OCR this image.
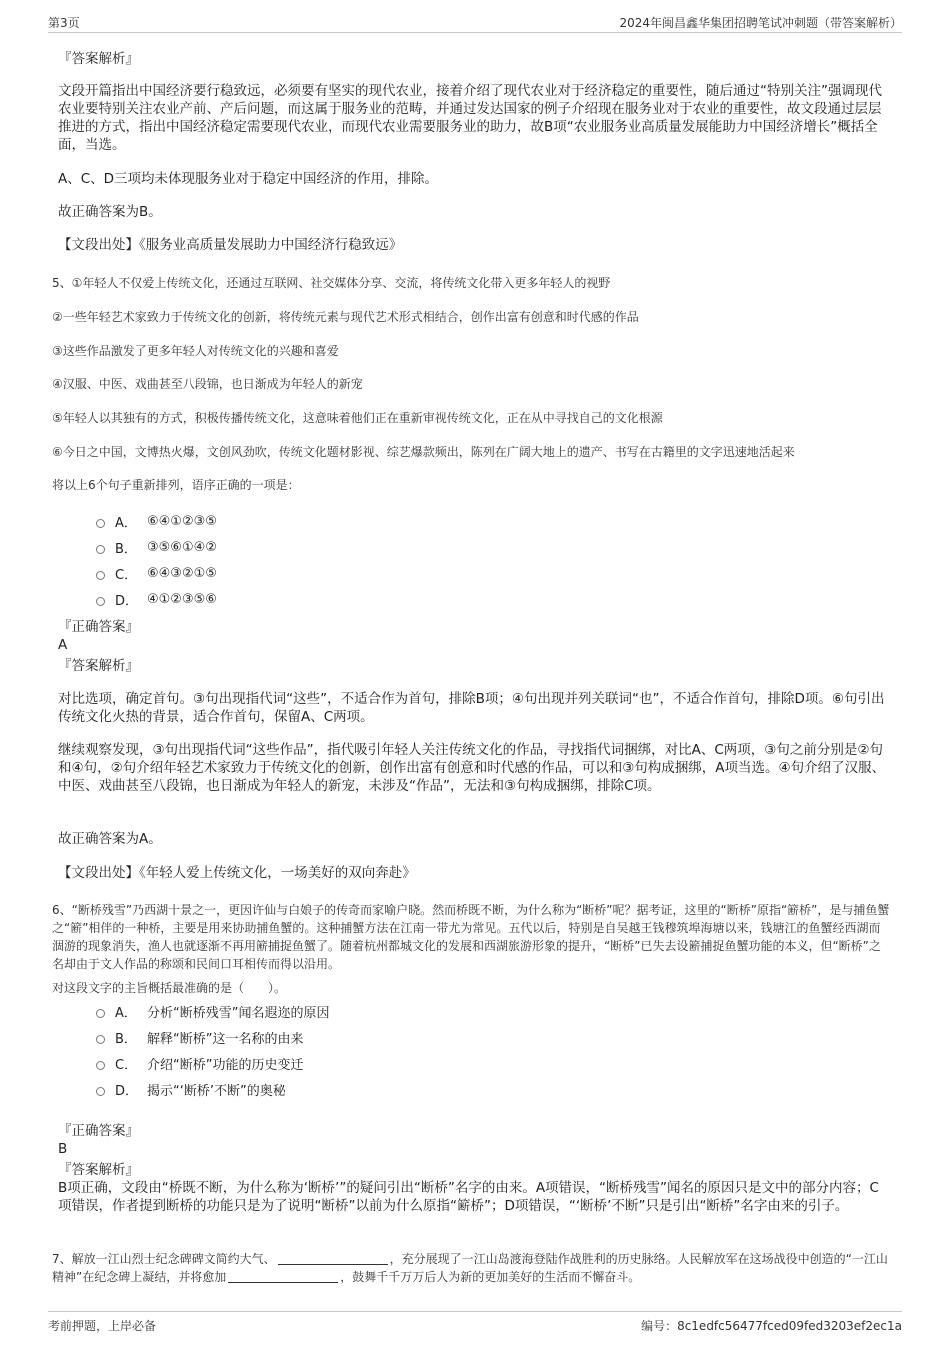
第3页	2024年闽昌鑫华集团招聘笔试冲刺题（带答案解析）
『答案解析』
文段开篇指出中国经济要行稳致远，必须要有坚实的现代农业，接着介绍了现代农业对于经济稳定的重要性，随后通过“特别关注”强调现代农业要特别关注农业产前、产后问题，而这属于服务业的范畴，并通过发达国家的例子介绍现在服务业对于农业的重要性，故文段通过层层推进的方式，指出中国经济稳定需要现代农业，而现代农业需要服务业的助力，故B项“农业服务业高质量发展能助力中国经济增长”概括全面，当选。
A、C、D三项均未体现服务业对于稳定中国经济的作用，排除。
故正确答案为B。
【文段出处】《服务业高质量发展助力中国经济行稳致远》
5、①年轻人不仅爱上传统文化，还通过互联网、社交媒体分享、交流，将传统文化带入更多年轻人的视野
②一些年轻艺术家致力于传统文化的创新，将传统元素与现代艺术形式相结合，创作出富有创意和时代感的作品
③这些作品激发了更多年轻人对传统文化的兴趣和喜爱
④汉服、中医、戏曲甚至八段锦，也日渐成为年轻人的新宠
⑤年轻人以其独有的方式，积极传播传统文化，这意味着他们正在重新审视传统文化，正在从中寻找自己的文化根源
⑥今日之中国，文博热火爆，文创风劲吹，传统文化题材影视、综艺爆款频出，陈列在广阔大地上的遗产、书写在古籍里的文字迅速地活起来
将以上6个句子重新排列，语序正确的一项是：
A． ⑥④①②③⑤
B． ③⑤⑥①④②
C． ⑥④③②①⑤
D． ④①②③⑤⑥
『正确答案』
A
『答案解析』
对比选项，确定首句。③句出现指代词“这些”，不适合作为首句，排除B项；④句出现并列关联词“也”，不适合作首句，排除D项。⑥句引出传统文化火热的背景，适合作首句，保留A、C两项。
继续观察发现，③句出现指代词“这些作品”，指代吸引年轻人关注传统文化的作品，寻找指代词捆绑，对比A、C两项，③句之前分别是②句和④句，②句介绍年轻艺术家致力于传统文化的创新，创作出富有创意和时代感的作品，可以和③句构成捆绑，A项当选。④句介绍了汉服、中医、戏曲甚至八段锦，也日渐成为年轻人的新宠，未涉及“作品”，无法和③句构成捆绑，排除C项。
故正确答案为A。
【文段出处】《年轻人爱上传统文化，一场美好的双向奔赴》
6、“断桥残雪”乃西湖十景之一，更因许仙与白娘子的传奇而家喻户晓。然而桥既不断，为什么称为“断桥”呢？据考证，这里的“断桥”原指“簖桥”，是与捕鱼蟹之“簖”相伴的一种桥，主要是用来协助捕鱼蟹的。这种捕蟹方法在江南一带尤为常见。五代以后，特别是自吴越王钱穆筑埠海塘以来，钱塘江的鱼蟹经西湖而涸游的现象消失，渔人也就逐渐不再用簖捕捉鱼蟹了。随着杭州都城文化的发展和西湖旅游形象的提升，“断桥”已失去设簖捕捉鱼蟹功能的本义，但“断桥”之名却由于文人作品的称颂和民间口耳相传而得以沿用。
对这段文字的主旨概括最准确的是（　　）。
A． 分析“断桥残雪”闻名遐迩的原因
B． 解释“断桥”这一名称的由来
C． 介绍“断桥”功能的历史变迁
D． 揭示“‘断桥’不断”的奥秘
『正确答案』
B
『答案解析』
B项正确，文段由“桥既不断，为什么称为‘断桥’”的疑问引出“断桥”名字的由来。A项错误，“断桥残雪”闻名的原因只是文中的部分内容；C项错误，作者提到断桥的功能只是为了说明“断桥”以前为什么原指“簖桥”；D项错误，“‘断桥’不断”只是引出“断桥”名字由来的引子。
7、解放一江山烈士纪念碑碑文简约大气、	，充分展现了一江山岛渡海登陆作战胜利的历史脉络。人民解放军在这场战役中创造的“一江山精神”在纪念碑上凝结，并将愈加	，鼓舞千千万万后人为新的更加美好的生活而不懈奋斗。
考前押题，上岸必备	编号：8c1edfc56477fced09fed3203ef2ec1a
